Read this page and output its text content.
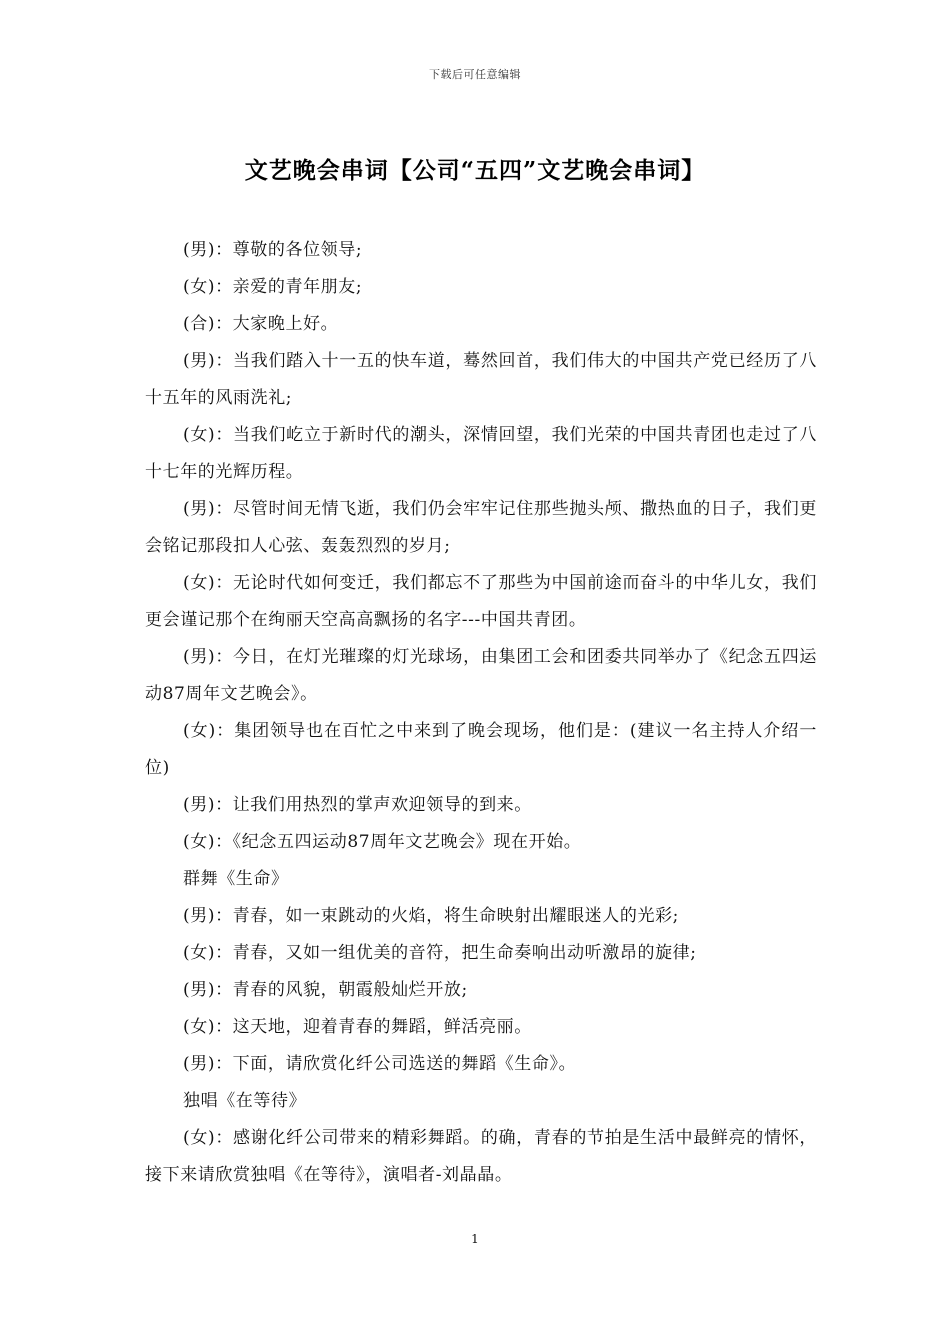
下载后可任意编辑
文艺晚会串词【公司“五四”文艺晚会串词】

(男)：尊敬的各位领导;

(女)：亲爱的青年朋友;

(合)：大家晚上好。

(男)：当我们踏入十一五的快车道，蓦然回首，我们伟大的中国共产党已经历了八十五年的风雨洗礼;

(女)：当我们屹立于新时代的潮头，深情回望，我们光荣的中国共青团也走过了八十七年的光辉历程。

(男)：尽管时间无情飞逝，我们仍会牢牢记住那些抛头颅、撒热血的日子，我们更会铭记那段扣人心弦、轰轰烈烈的岁月;

(女)：无论时代如何变迁，我们都忘不了那些为中国前途而奋斗的中华儿女，我们更会谨记那个在绚丽天空高高飘扬的名字---中国共青团。

(男)：今日，在灯光璀璨的灯光球场，由集团工会和团委共同举办了《纪念五四运动87周年文艺晚会》。

(女)：集团领导也在百忙之中来到了晚会现场，他们是：(建议一名主持人介绍一位)

(男)：让我们用热烈的掌声欢迎领导的到来。

(女)：《纪念五四运动87周年文艺晚会》现在开始。

群舞《生命》

(男)：青春，如一束跳动的火焰，将生命映射出耀眼迷人的光彩;

(女)：青春，又如一组优美的音符，把生命奏响出动听激昂的旋律;

(男)：青春的风貌，朝霞般灿烂开放;

(女)：这天地，迎着青春的舞蹈，鲜活亮丽。

(男)：下面，请欣赏化纤公司选送的舞蹈《生命》。

独唱《在等待》

(女)：感谢化纤公司带来的精彩舞蹈。的确，青春的节拍是生活中最鲜亮的情怀，接下来请欣赏独唱《在等待》，演唱者-刘晶晶。

1
